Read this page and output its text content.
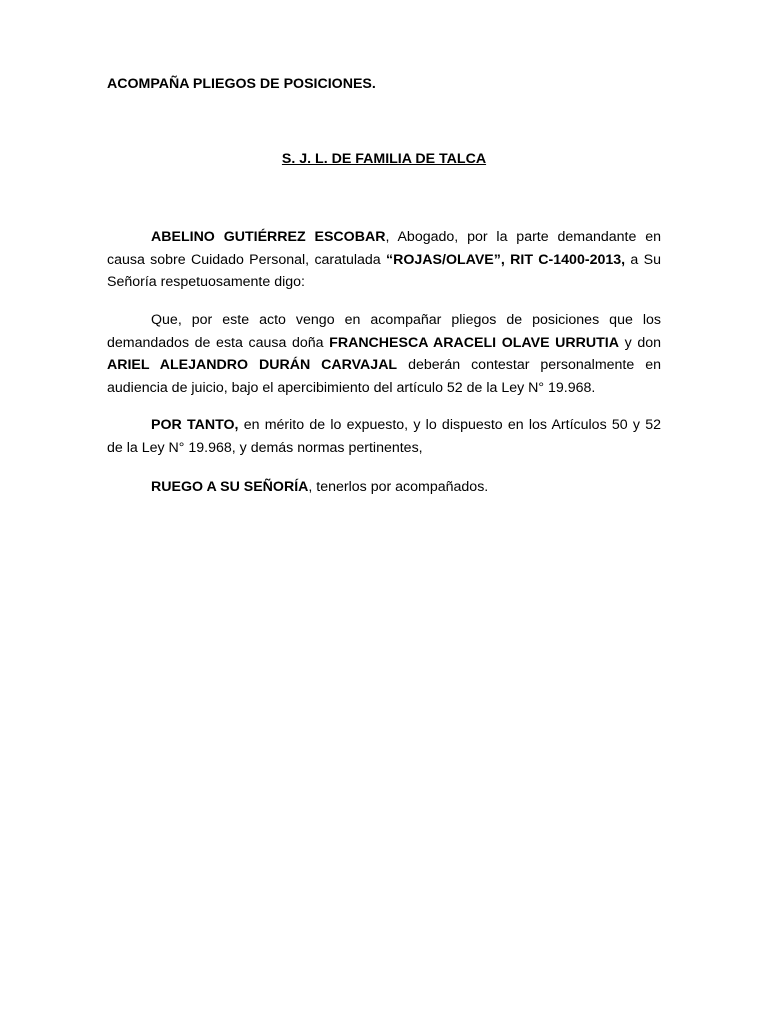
ACOMPAÑA PLIEGOS DE POSICIONES.

S. J. L. DE FAMILIA DE TALCA

ABELINO GUTIÉRREZ ESCOBAR, Abogado, por la parte demandante en causa sobre Cuidado Personal, caratulada “ROJAS/OLAVE”, RIT C-1400-2013, a Su Señoría respetuosamente digo:

Que, por este acto vengo en acompañar pliegos de posiciones que los demandados de esta causa doña FRANCHESCA ARACELI OLAVE URRUTIA y don ARIEL ALEJANDRO DURÁN CARVAJAL deberán contestar personalmente en audiencia de juicio, bajo el apercibimiento del artículo 52 de la Ley N° 19.968.

POR TANTO, en mérito de lo expuesto, y lo dispuesto en los Artículos 50 y 52 de la Ley N° 19.968, y demás normas pertinentes,

RUEGO A SU SEÑORÍA, tenerlos por acompañados.
